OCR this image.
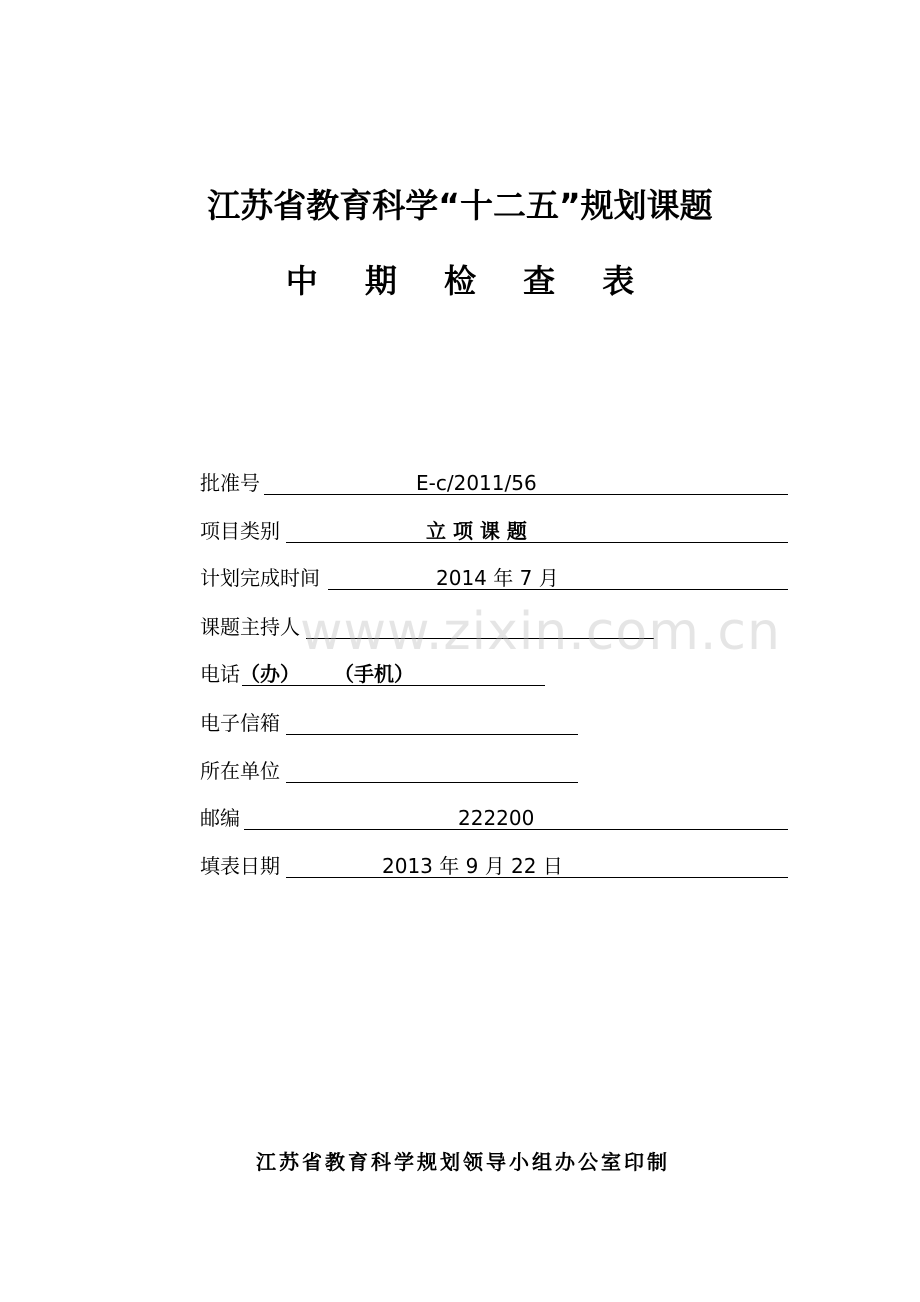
江苏省教育科学“十二五”规划课题
中 期 检 查 表
批准号	E-c/2011/56
项目类别	立 项 课 题
计划完成时间	2014 年 7 月
课题主持人
电话 （办） （手机）
电子信箱
所在单位
邮编	222200
填表日期	2013 年 9 月 22 日
www.zixin.com.cn
江苏省教育科学规划领导小组办公室印制
